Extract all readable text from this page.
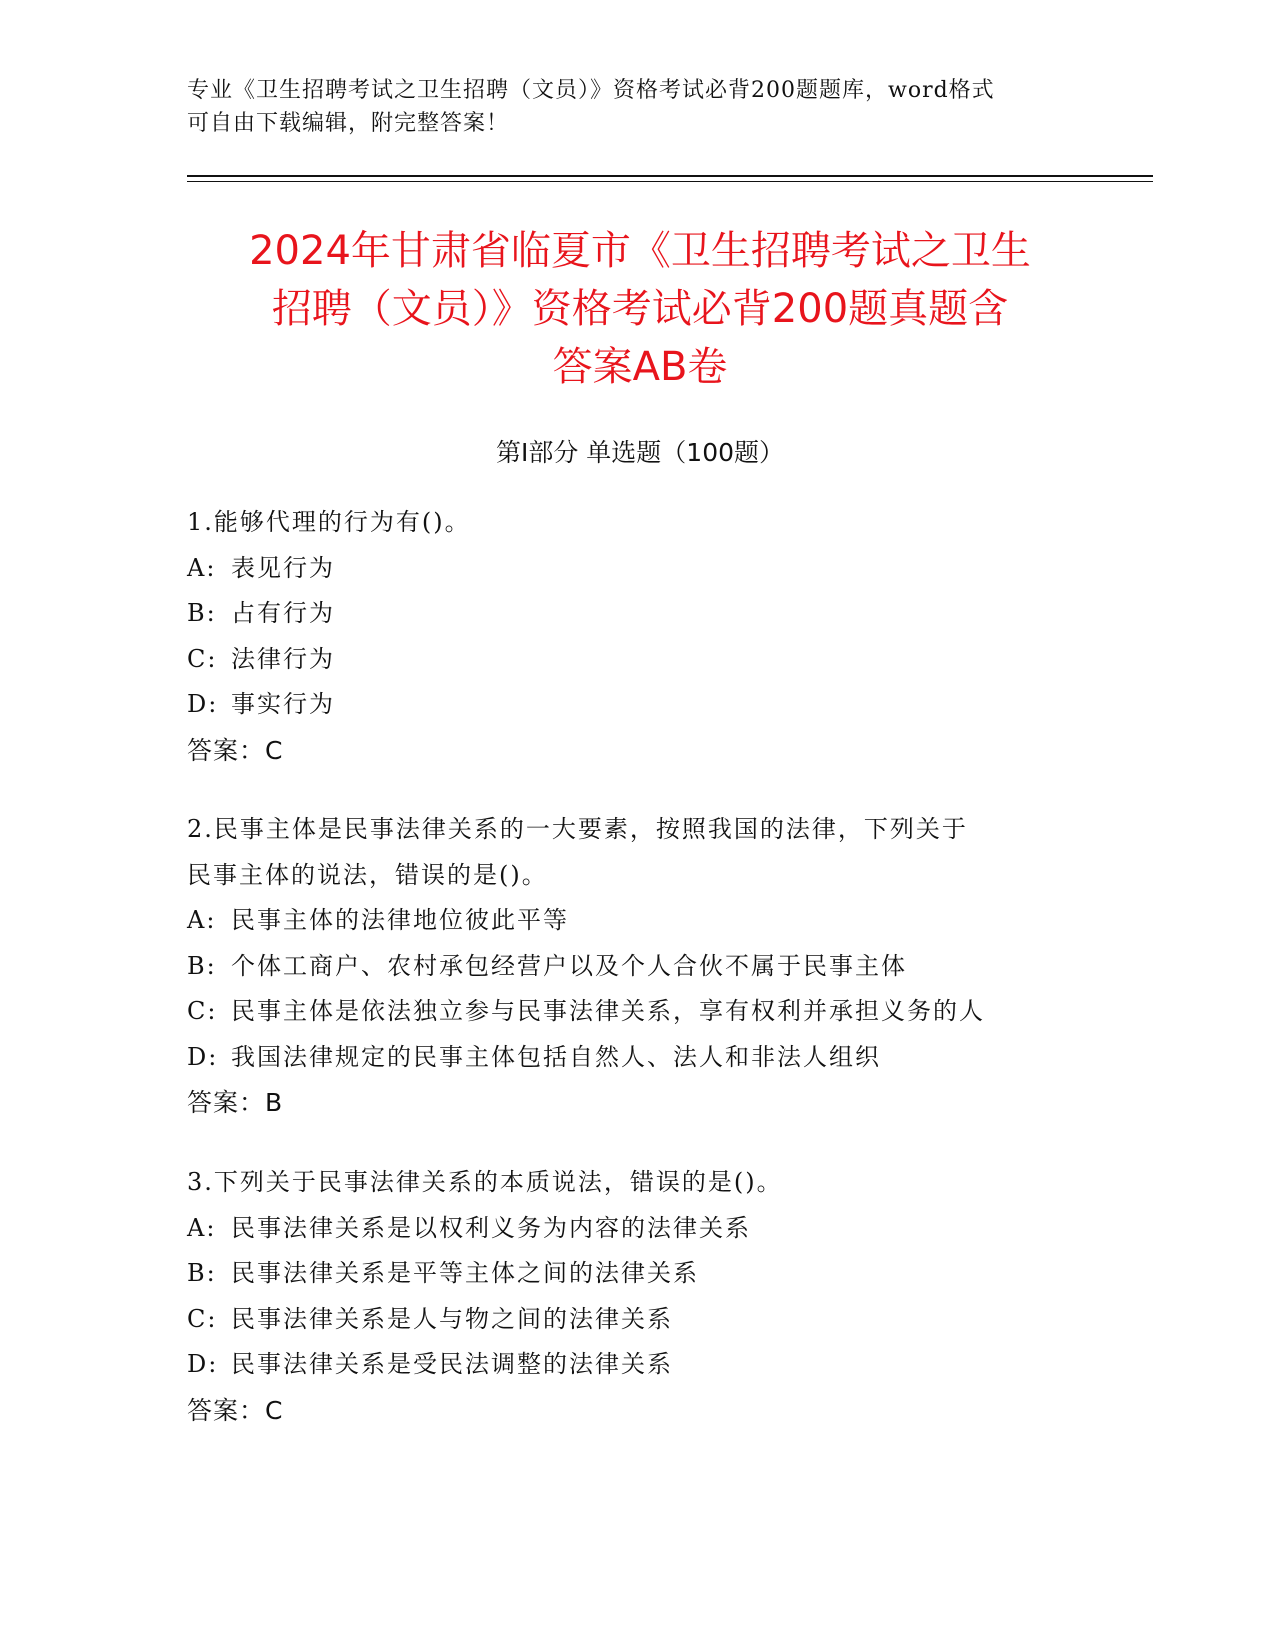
专业《卫生招聘考试之卫生招聘（文员）》资格考试必背200题题库，word格式
可自由下载编辑，附完整答案！
2024年甘肃省临夏市《卫生招聘考试之卫生
招聘（文员）》资格考试必背200题真题含
答案AB卷
第Ⅰ部分 单选题（100题）
1.能够代理的行为有()。
A: 表见行为
B: 占有行为
C: 法律行为
D: 事实行为
答案：C
2.民事主体是民事法律关系的一大要素，按照我国的法律，下列关于
民事主体的说法，错误的是()。
A: 民事主体的法律地位彼此平等
B: 个体工商户、农村承包经营户以及个人合伙不属于民事主体
C: 民事主体是依法独立参与民事法律关系，享有权利并承担义务的人
D: 我国法律规定的民事主体包括自然人、法人和非法人组织
答案：B
3.下列关于民事法律关系的本质说法，错误的是()。
A: 民事法律关系是以权利义务为内容的法律关系
B: 民事法律关系是平等主体之间的法律关系
C: 民事法律关系是人与物之间的法律关系
D: 民事法律关系是受民法调整的法律关系
答案：C
